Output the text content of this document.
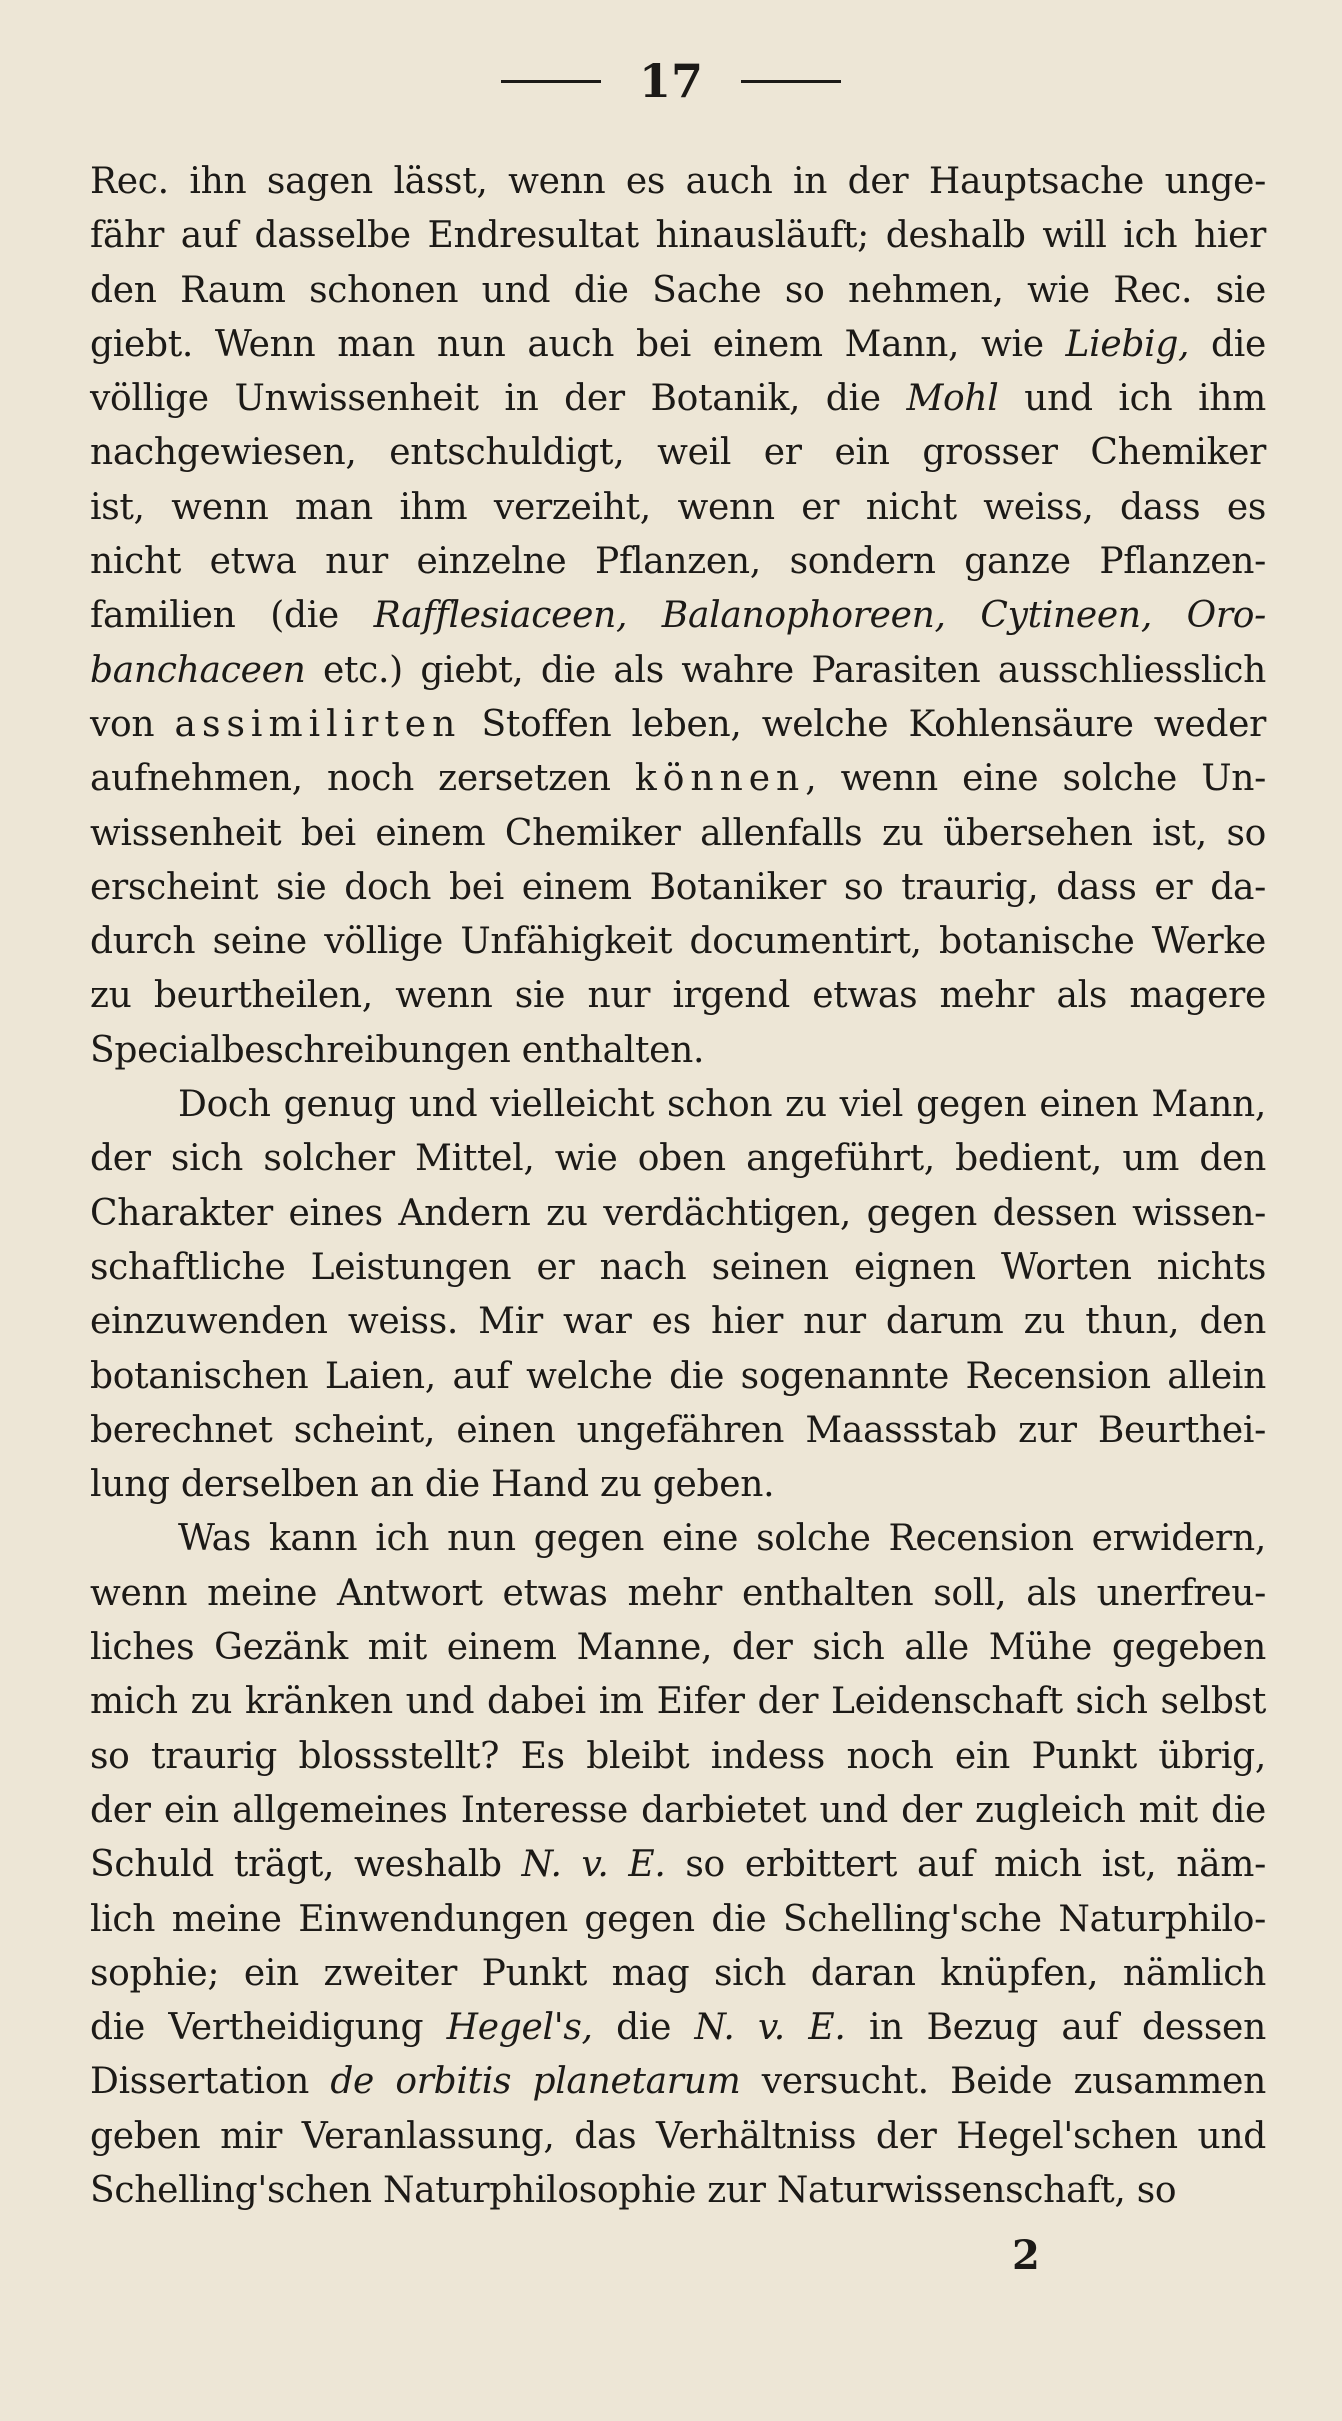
17
Rec. ihn sagen lässt, wenn es auch in der Hauptsache unge-
fähr auf dasselbe Endresultat hinausläuft; deshalb will ich hier
den Raum schonen und die Sache so nehmen, wie Rec. sie
giebt. Wenn man nun auch bei einem Mann, wie Liebig, die
völlige Unwissenheit in der Botanik, die Mohl und ich ihm
nachgewiesen, entschuldigt, weil er ein grosser Chemiker
ist, wenn man ihm verzeiht, wenn er nicht weiss, dass es
nicht etwa nur einzelne Pflanzen, sondern ganze Pflanzen-
familien (die Rafflesiaceen, Balanophoreen, Cytineen, Oro-
banchaceen etc.) giebt, die als wahre Parasiten ausschliesslich
von assimilirten Stoffen leben, welche Kohlensäure weder
aufnehmen, noch zersetzen können, wenn eine solche Un-
wissenheit bei einem Chemiker allenfalls zu übersehen ist, so
erscheint sie doch bei einem Botaniker so traurig, dass er da-
durch seine völlige Unfähigkeit documentirt, botanische Werke
zu beurtheilen, wenn sie nur irgend etwas mehr als magere
Specialbeschreibungen enthalten.
Doch genug und vielleicht schon zu viel gegen einen Mann,
der sich solcher Mittel, wie oben angeführt, bedient, um den
Charakter eines Andern zu verdächtigen, gegen dessen wissen-
schaftliche Leistungen er nach seinen eignen Worten nichts
einzuwenden weiss. Mir war es hier nur darum zu thun, den
botanischen Laien, auf welche die sogenannte Recension allein
berechnet scheint, einen ungefähren Maassstab zur Beurthei-
lung derselben an die Hand zu geben.
Was kann ich nun gegen eine solche Recension erwidern,
wenn meine Antwort etwas mehr enthalten soll, als unerfreu-
liches Gezänk mit einem Manne, der sich alle Mühe gegeben
mich zu kränken und dabei im Eifer der Leidenschaft sich selbst
so traurig blossstellt? Es bleibt indess noch ein Punkt übrig,
der ein allgemeines Interesse darbietet und der zugleich mit die
Schuld trägt, weshalb N. v. E. so erbittert auf mich ist, näm-
lich meine Einwendungen gegen die Schelling'sche Naturphilo-
sophie; ein zweiter Punkt mag sich daran knüpfen, nämlich
die Vertheidigung Hegel's, die N. v. E. in Bezug auf dessen
Dissertation de orbitis planetarum versucht. Beide zusammen
geben mir Veranlassung, das Verhältniss der Hegel'schen und
Schelling'schen Naturphilosophie zur Naturwissenschaft, so
2
